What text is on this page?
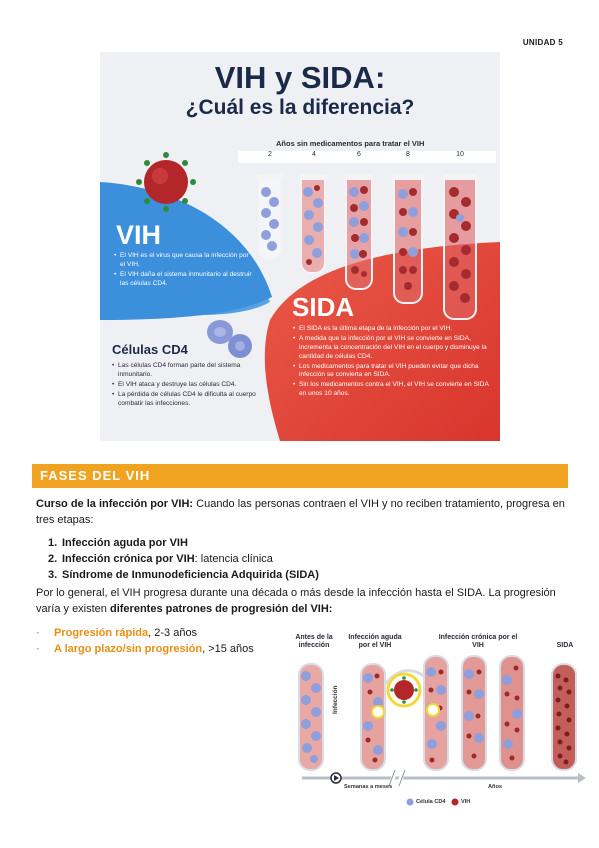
UNIDAD 5
VIH y SIDA:
¿Cuál es la diferencia?
Años sin medicamentos para tratar el VIH
2	4	6	8	10
VIH
• El VIH es el virus que causa la infección por el VIH.
• El VIH daña el sistema inmunitario al destruir las células CD4.
Células CD4
• Las células CD4 forman parte del sistema inmunitario.
• El VIH ataca y destruye las células CD4.
• La pérdida de células CD4 le dificulta al cuerpo combatir las infecciones.
SIDA
• El SIDA es la última etapa de la infección por el VIH.
• A medida que la infección por el VIH se convierte en SIDA, incrementa la concentración del VIH en el cuerpo y disminuye la cantidad de células CD4.
• Los medicamentos para tratar el VIH pueden evitar que dicha infección se convierta en SIDA.
• Sin los medicamentos contra el VIH, el VIH se convierte en SIDA en unos 10 años.
FASES DEL VIH
Curso de la infección por VIH: Cuando las personas contraen el VIH y no reciben tratamiento, progresa en tres etapas:
1. Infección aguda por VIH
2. Infección crónica por VIH: latencia clínica
3. Síndrome de Inmunodeficiencia Adquirida (SIDA)
Por lo general, el VIH progresa durante una década o más desde la infección hasta el SIDA. La progresión varía y existen diferentes patrones de progresión del VIH:
· Progresión rápida, 2-3 años
· A largo plazo/sin progresión, >15 años
Antes de la infección
Infección aguda por el VIH
Infección crónica por el VIH	SIDA
Infección
Semanas a meses	Años
Célula CD4	VIH
